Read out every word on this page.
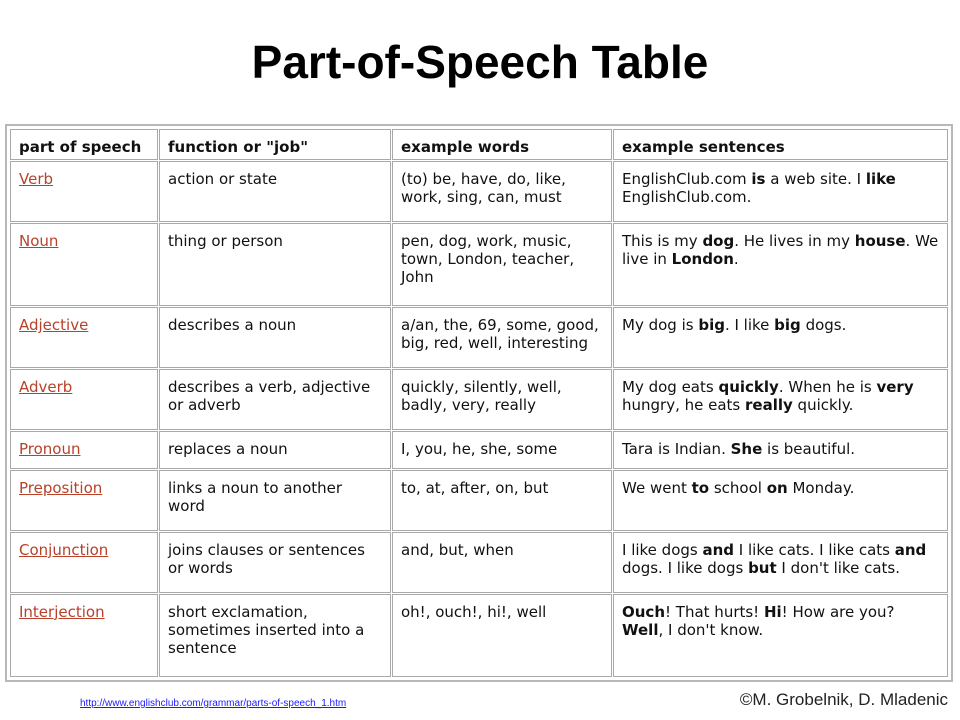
Part-of-Speech Table
part of speech	function or "job"	example words	example sentences
Verb	action or state	(to) be, have, do, like, work, sing, can, must	EnglishClub.com is a web site. I like EnglishClub.com.
Noun	thing or person	pen, dog, work, music, town, London, teacher, John	This is my dog. He lives in my house. We live in London.
Adjective	describes a noun	a/an, the, 69, some, good, big, red, well, interesting	My dog is big. I like big dogs.
Adverb	describes a verb, adjective or adverb	quickly, silently, well, badly, very, really	My dog eats quickly. When he is very hungry, he eats really quickly.
Pronoun	replaces a noun	I, you, he, she, some	Tara is Indian. She is beautiful.
Preposition	links a noun to another word	to, at, after, on, but	We went to school on Monday.
Conjunction	joins clauses or sentences or words	and, but, when	I like dogs and I like cats. I like cats and dogs. I like dogs but I don't like cats.
Interjection	short exclamation, sometimes inserted into a sentence	oh!, ouch!, hi!, well	Ouch! That hurts! Hi! How are you? Well, I don't know.
http://www.englishclub.com/grammar/parts-of-speech_1.htm	©M. Grobelnik, D. Mladenic
